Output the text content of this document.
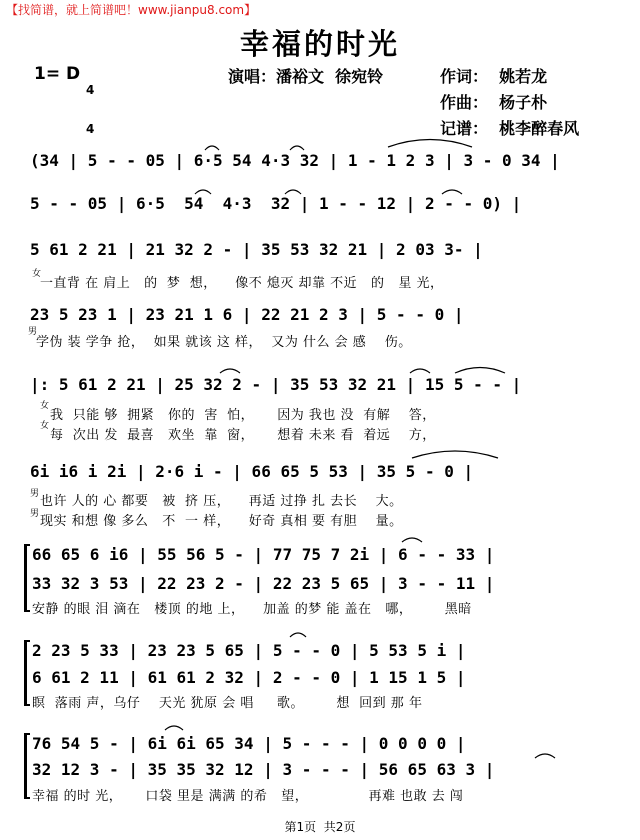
【找简谱，就上简谱吧！www.jianpu8.com】
幸福的时光
1= D

4

4

演唱：潘裕文  徐宛铃	作词：  姚若龙
作曲：  杨子朴
记谱：  桃李醉春风
(34 | 5 - - 05 | 6·5 54 4·3 32 | 1 - 1 2 3 | 3 - 0 34 |
5 - - 05 | 6·5  54  4·3  32 | 1 - - 12 | 2 - - 0) |
5 61 2 21 | 21 32 2 - | 35 53 32 21 | 2 03 3- |
女
一直背 在 肩上   的  梦  想，    像不 熄灭 却靠 不近   的   星 光，
23 5 23 1 | 23 21 1 6 | 22 21 2 3 | 5 - - 0 |
男
学伪 装 学争 抢，  如果 就该 这 样，  又为 什么 会 感    伤。
|: 5 61 2 21 | 25 32 2 - | 35 53 32 21 | 15 5 - - |
女
我  只能 够  拥紧   你的  害  怕，     因为 我也 没  有解    答，
女
每  次出 发  最喜   欢坐  靠  窗，     想着 未来 看  着远    方，
6i i6 i 2i | 2·6 i - | 66 65 5 53 | 35 5 - 0 |
男 也许 人的 心 都要   被  挤 压，    再适 过挣 扎 去长    大。
男 现实 和想 像 多么   不  一 样，    好奇 真相 要 有胆    量。
66 65 6 i6 | 55 56 5 - | 77 75 7 2i | 6 - - 33 |
33 32 3 53 | 22 23 2 - | 22 23 5 65 | 3 - - 11 |
安静 的眼 泪 滴在   楼顶 的地 上，    加盖 的梦 能 盖在   哪，       黑暗
2 23 5 33 | 23 23 5 65 | 5 - - 0 | 5 53 5 i |
6 61 2 11 | 61 61 2 32 | 2 - - 0 | 1 15 1 5 |
瞑  落雨 声，乌仔    天光 犹原 会 唱     歌。       想  回到 那 年
76 54 5 - | 6i 6i 65 34 | 5 - - - | 0 0 0 0 |
32 12 3 - | 35 35 32 12 | 3 - - - | 56 65 63 3 |
幸福 的时 光，     口袋 里是 满满 的希   望，             再难 也敢 去 闯
第1页  共2页
